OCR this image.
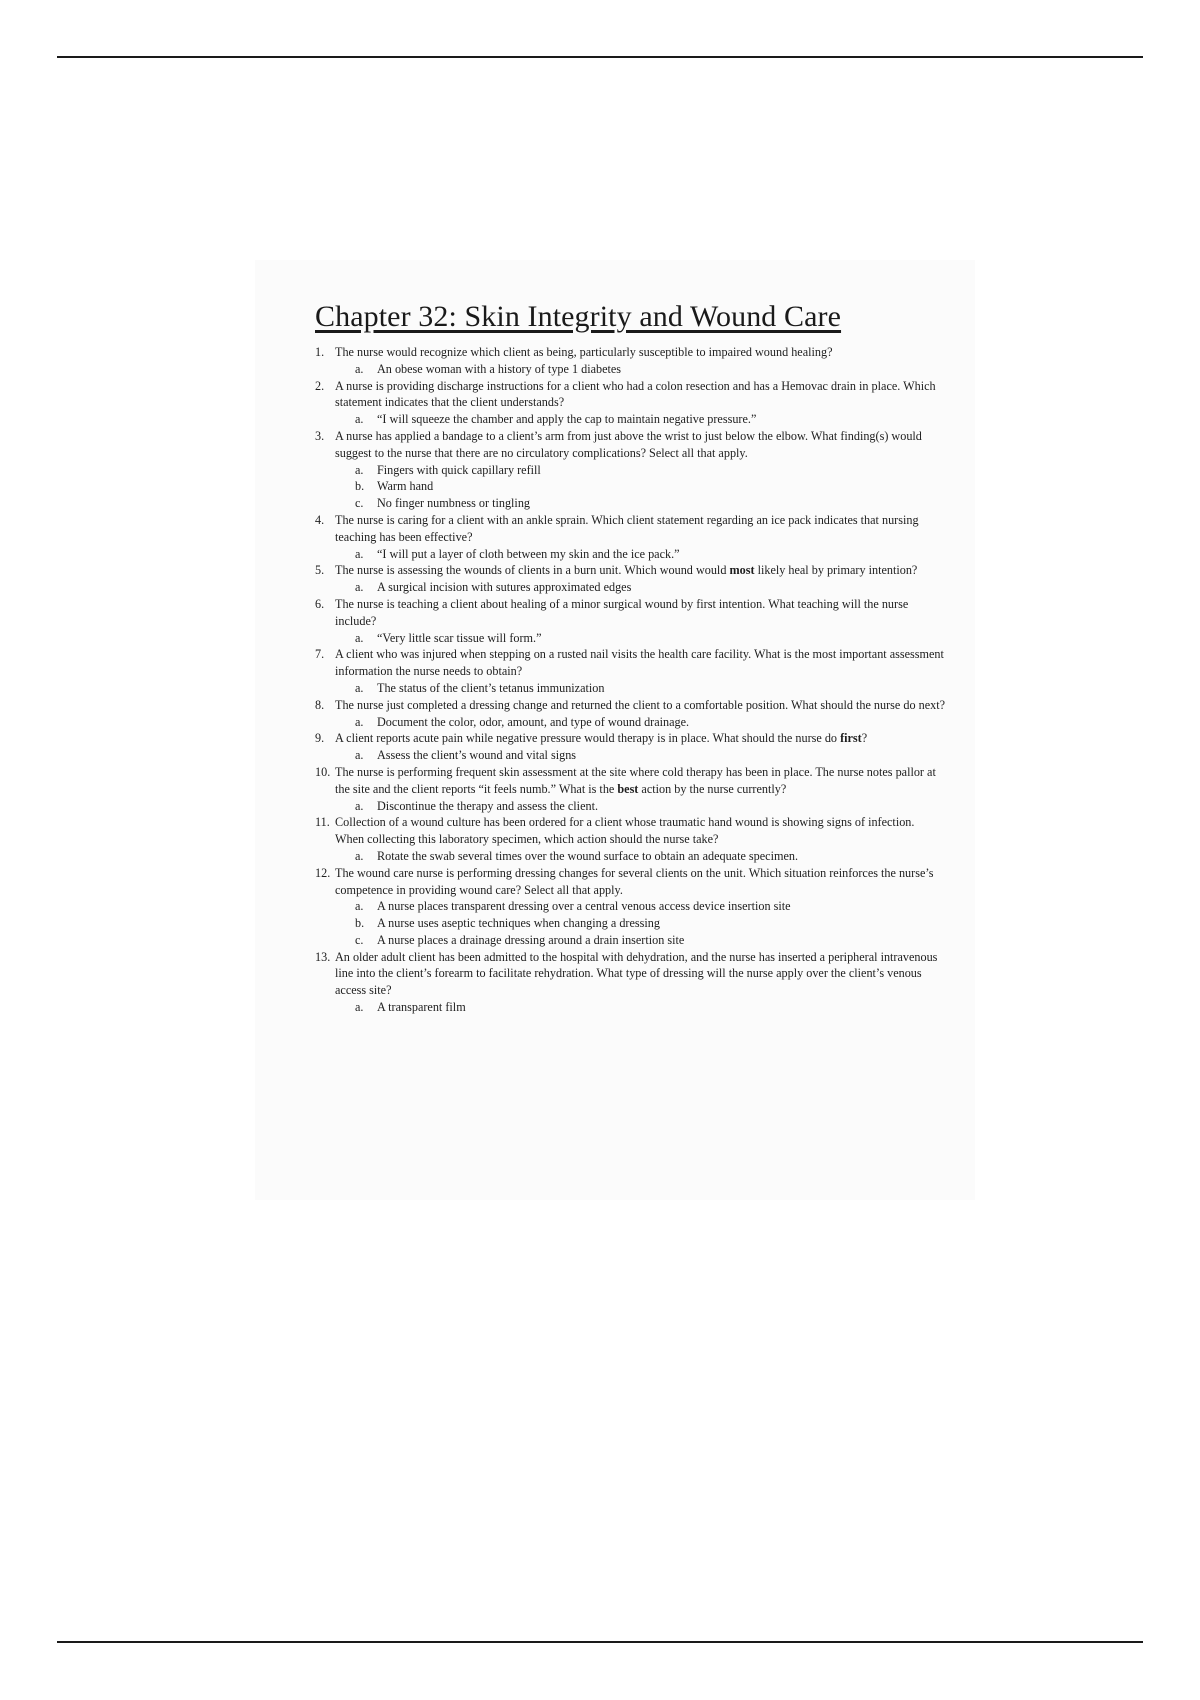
Chapter 32: Skin Integrity and Wound Care
1. The nurse would recognize which client as being, particularly susceptible to impaired wound healing?
a.	An obese woman with a history of type 1 diabetes
2. A nurse is providing discharge instructions for a client who had a colon resection and has a Hemovac drain in place. Which statement indicates that the client understands?
a.	“I will squeeze the chamber and apply the cap to maintain negative pressure.”
3. A nurse has applied a bandage to a client’s arm from just above the wrist to just below the elbow. What finding(s) would suggest to the nurse that there are no circulatory complications? Select all that apply.
a.	Fingers with quick capillary refill
b.	Warm hand
c.	No finger numbness or tingling
4. The nurse is caring for a client with an ankle sprain. Which client statement regarding an ice pack indicates that nursing teaching has been effective?
a.	“I will put a layer of cloth between my skin and the ice pack.”
5. The nurse is assessing the wounds of clients in a burn unit. Which wound would most likely heal by primary intention?
a.	A surgical incision with sutures approximated edges
6. The nurse is teaching a client about healing of a minor surgical wound by first intention. What teaching will the nurse include?
a.	“Very little scar tissue will form.”
7. A client who was injured when stepping on a rusted nail visits the health care facility. What is the most important assessment information the nurse needs to obtain?
a.	The status of the client’s tetanus immunization
8. The nurse just completed a dressing change and returned the client to a comfortable position. What should the nurse do next?
a.	Document the color, odor, amount, and type of wound drainage.
9. A client reports acute pain while negative pressure would therapy is in place. What should the nurse do first?
a.	Assess the client’s wound and vital signs
10. The nurse is performing frequent skin assessment at the site where cold therapy has been in place. The nurse notes pallor at the site and the client reports “it feels numb.” What is the best action by the nurse currently?
a.	Discontinue the therapy and assess the client.
11. Collection of a wound culture has been ordered for a client whose traumatic hand wound is showing signs of infection. When collecting this laboratory specimen, which action should the nurse take?
a.	Rotate the swab several times over the wound surface to obtain an adequate specimen.
12. The wound care nurse is performing dressing changes for several clients on the unit. Which situation reinforces the nurse’s competence in providing wound care? Select all that apply.
a.	A nurse places transparent dressing over a central venous access device insertion site
b.	A nurse uses aseptic techniques when changing a dressing
c.	A nurse places a drainage dressing around a drain insertion site
13. An older adult client has been admitted to the hospital with dehydration, and the nurse has inserted a peripheral intravenous line into the client’s forearm to facilitate rehydration. What type of dressing will the nurse apply over the client’s venous access site?
a.	A transparent film
